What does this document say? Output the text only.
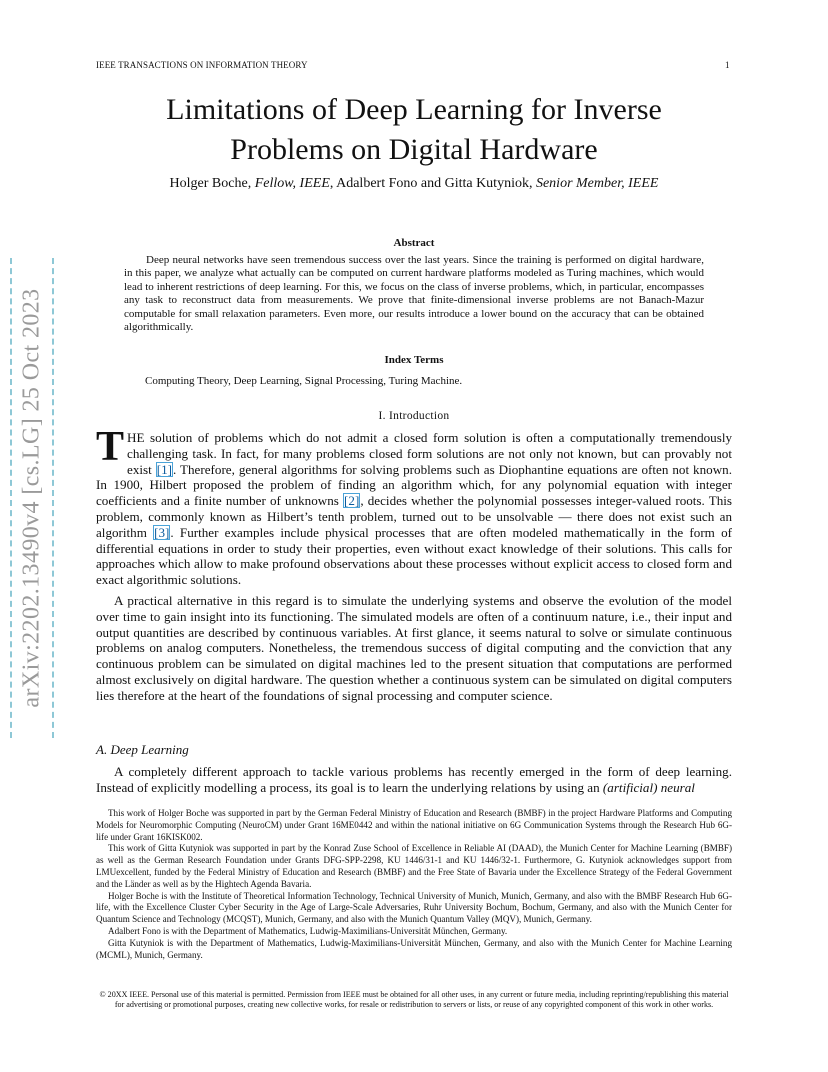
IEEE TRANSACTIONS ON INFORMATION THEORY	1
arXiv:2202.13490v4 [cs.LG] 25 Oct 2023
Limitations of Deep Learning for Inverse
Problems on Digital Hardware
Holger Boche, Fellow, IEEE, Adalbert Fono and Gitta Kutyniok, Senior Member, IEEE
Abstract
Deep neural networks have seen tremendous success over the last years. Since the training is performed on digital hardware, in this paper, we analyze what actually can be computed on current hardware platforms modeled as Turing machines, which would lead to inherent restrictions of deep learning. For this, we focus on the class of inverse problems, which, in particular, encompasses any task to reconstruct data from measurements. We prove that finite-dimensional inverse problems are not Banach-Mazur computable for small relaxation parameters. Even more, our results introduce a lower bound on the accuracy that can be obtained algorithmically.
Index Terms
Computing Theory, Deep Learning, Signal Processing, Turing Machine.
I. Introduction
THE solution of problems which do not admit a closed form solution is often a computationally tremendously challenging task. In fact, for many problems closed form solutions are not only not known, but can provably not exist [1]. Therefore, general algorithms for solving problems such as Diophantine equations are often not known. In 1900, Hilbert proposed the problem of finding an algorithm which, for any polynomial equation with integer coefficients and a finite number of unknowns [2], decides whether the polynomial possesses integer-valued roots. This problem, commonly known as Hilbert’s tenth problem, turned out to be unsolvable — there does not exist such an algorithm [3]. Further examples include physical processes that are often modeled mathematically in the form of differential equations in order to study their properties, even without exact knowledge of their solutions. This calls for approaches which allow to make profound observations about these processes without explicit access to closed form and exact algorithmic solutions.
A practical alternative in this regard is to simulate the underlying systems and observe the evolution of the model over time to gain insight into its functioning. The simulated models are often of a continuum nature, i.e., their input and output quantities are described by continuous variables. At first glance, it seems natural to solve or simulate continuous problems on analog computers. Nonetheless, the tremendous success of digital computing and the conviction that any continuous problem can be simulated on digital machines led to the present situation that computations are performed almost exclusively on digital hardware. The question whether a continuous system can be simulated on digital computers lies therefore at the heart of the foundations of signal processing and computer science.
A. Deep Learning
A completely different approach to tackle various problems has recently emerged in the form of deep learning. Instead of explicitly modelling a process, its goal is to learn the underlying relations by using an (artificial) neural

This work of Holger Boche was supported in part by the German Federal Ministry of Education and Research (BMBF) in the project Hardware Platforms and Computing Models for Neuromorphic Computing (NeuroCM) under Grant 16ME0442 and within the national initiative on 6G Communication Systems through the Research Hub 6G-life under Grant 16KISK002.

This work of Gitta Kutyniok was supported in part by the Konrad Zuse School of Excellence in Reliable AI (DAAD), the Munich Center for Machine Learning (BMBF) as well as the German Research Foundation under Grants DFG-SPP-2298, KU 1446/31-1 and KU 1446/32-1. Furthermore, G. Kutyniok acknowledges support from LMUexcellent, funded by the Federal Ministry of Education and Research (BMBF) and the Free State of Bavaria under the Excellence Strategy of the Federal Government and the Länder as well as by the Hightech Agenda Bavaria.

Holger Boche is with the Institute of Theoretical Information Technology, Technical University of Munich, Munich, Germany, and also with the BMBF Research Hub 6G-life, with the Excellence Cluster Cyber Security in the Age of Large-Scale Adversaries, Ruhr University Bochum, Bochum, Germany, and also with the Munich Center for Quantum Science and Technology (MCQST), Munich, Germany, and also with the Munich Quantum Valley (MQV), Munich, Germany.

Adalbert Fono is with the Department of Mathematics, Ludwig-Maximilians-Universität München, Germany.

Gitta Kutyniok is with the Department of Mathematics, Ludwig-Maximilians-Universität München, Germany, and also with the Munich Center for Machine Learning (MCML), Munich, Germany.

© 20XX IEEE. Personal use of this material is permitted. Permission from IEEE must be obtained for all other uses, in any current or future media, including reprinting/republishing this material for advertising or promotional purposes, creating new collective works, for resale or redistribution to servers or lists, or reuse of any copyrighted component of this work in other works.
